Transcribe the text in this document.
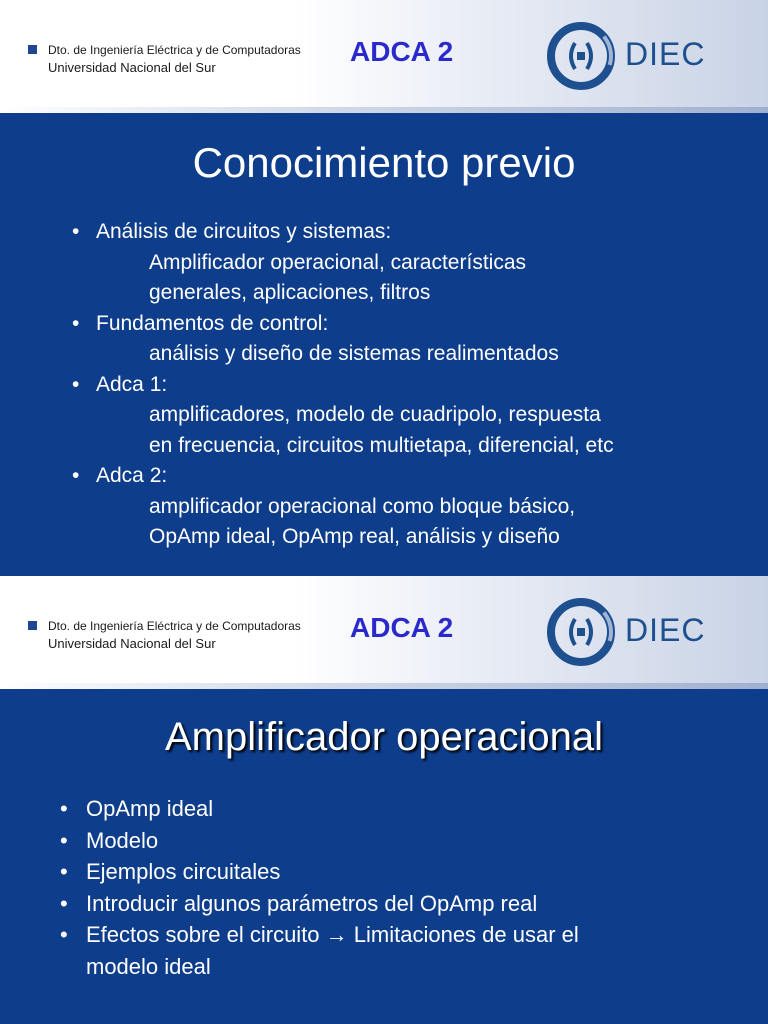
Dto. de Ingeniería Eléctrica y de Computadoras
Universidad Nacional del Sur
ADCA 2	DIEC
Conocimiento previo
• Análisis de circuitos y sistemas:
Amplificador operacional, características
generales, aplicaciones, filtros
• Fundamentos de control:
análisis y diseño de sistemas realimentados
• Adca 1:
amplificadores, modelo de cuadripolo, respuesta
en frecuencia, circuitos multietapa, diferencial, etc
• Adca 2:
amplificador operacional como bloque básico,
OpAmp ideal, OpAmp real, análisis y diseño
Dto. de Ingeniería Eléctrica y de Computadoras
Universidad Nacional del Sur
ADCA 2	DIEC
Amplificador operacional
• OpAmp ideal
• Modelo
• Ejemplos circuitales
• Introducir algunos parámetros del OpAmp real
• Efectos sobre el circuito → Limitaciones de usar el
modelo ideal
